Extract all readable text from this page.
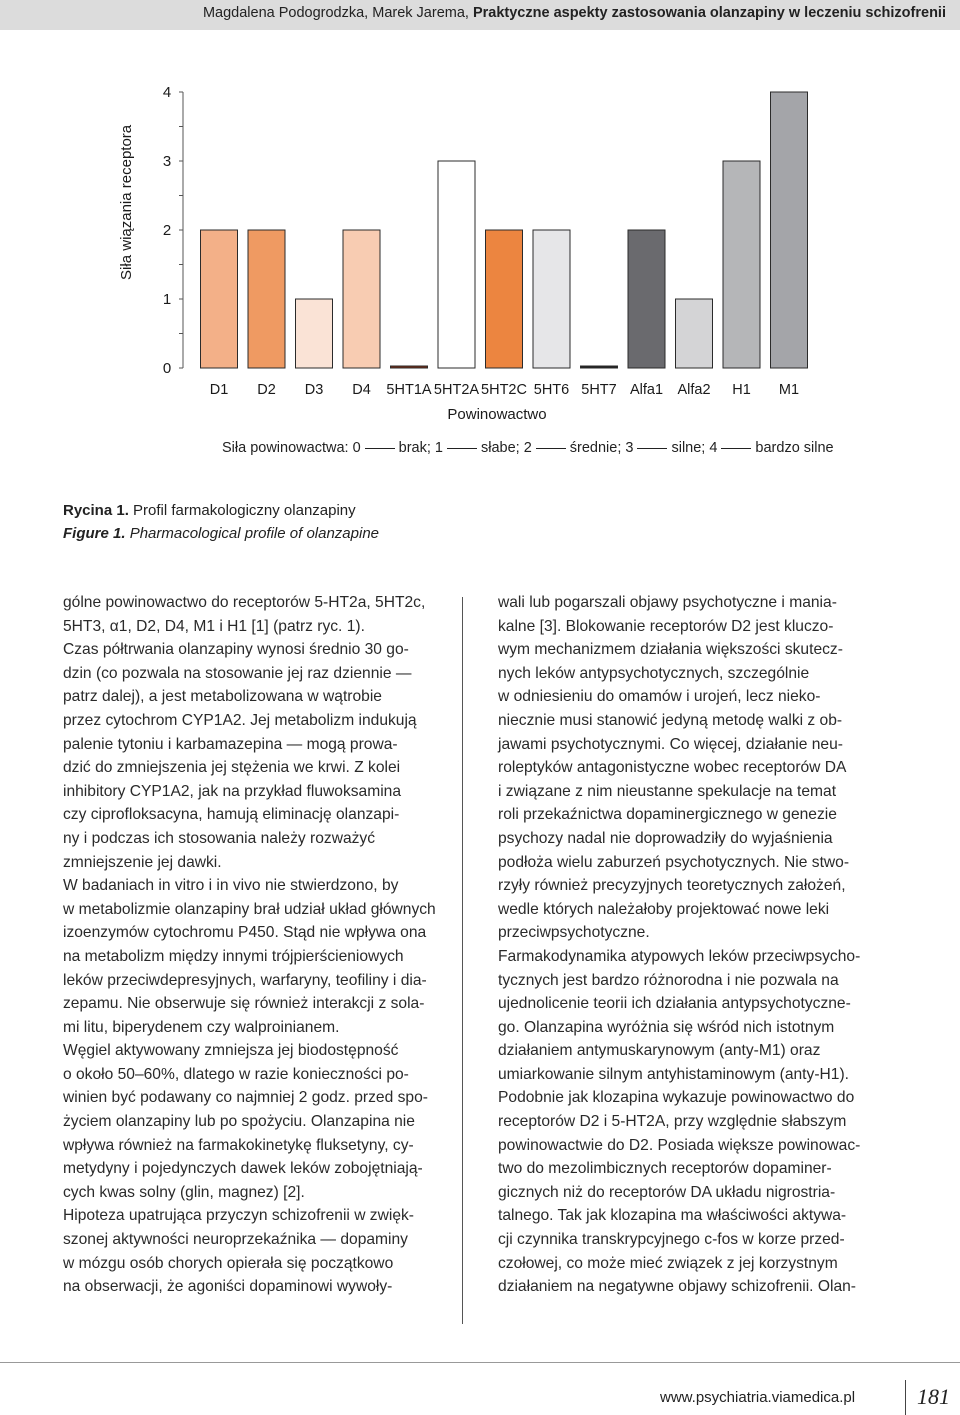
Magdalena Podogrodzka, Marek Jarema, Praktyczne aspekty zastosowania olanzapiny w leczeniu schizofrenii
0
1
2
3
4
Siła wiązania receptora
D1 D2 D3 D4 5HT1A 5HT2A 5HT2C 5HT6 5HT7 Alfa1 Alfa2 H1 M1
Powinowactwo
Siła powinowactwa: 0	brak; 1	słabe; 2	średnie; 3	silne; 4	bardzo silne
Rycina 1. Profil farmakologiczny olanzapiny
Figure 1. Pharmacological profile of olanzapine
gólne powinowactwo do receptorów 5-HT2a, 5HT2c,
5HT3, α1, D2, D4, M1 i H1 [1] (patrz ryc. 1).
Czas półtrwania olanzapiny wynosi średnio 30 go-
dzin (co pozwala na stosowanie jej raz dziennie —
patrz dalej), a jest metabolizowana w wątrobie
przez cytochrom CYP1A2. Jej metabolizm indukują
palenie tytoniu i karbamazepina — mogą prowa-
dzić do zmniejszenia jej stężenia we krwi. Z kolei
inhibitory CYP1A2, jak na przykład fluwoksamina
czy ciprofloksacyna, hamują eliminację olanzapi-
ny i podczas ich stosowania należy rozważyć
zmniejszenie jej dawki.
W badaniach in vitro i in vivo nie stwierdzono, by
w metabolizmie olanzapiny brał udział układ głównych
izoenzymów cytochromu P450. Stąd nie wpływa ona
na metabolizm między innymi trójpierścieniowych
leków przeciwdepresyjnych, warfaryny, teofiliny i dia-
zepamu. Nie obserwuje się również interakcji z sola-
mi litu, biperydenem czy walproinianem.
Węgiel aktywowany zmniejsza jej biodostępność
o około 50–60%, dlatego w razie konieczności po-
winien być podawany co najmniej 2 godz. przed spo-
życiem olanzapiny lub po spożyciu. Olanzapina nie
wpływa również na farmakokinetykę fluksetyny, cy-
metydyny i pojedynczych dawek leków zobojętniają-
cych kwas solny (glin, magnez) [2].
Hipoteza upatrująca przyczyn schizofrenii w zwięk-
szonej aktywności neuroprzekaźnika — dopaminy
w mózgu osób chorych opierała się początkowo
na obserwacji, że agoniści dopaminowi wywoły-
wali lub pogarszali objawy psychotyczne i mania-
kalne [3]. Blokowanie receptorów D2 jest kluczo-
wym mechanizmem działania większości skutecz-
nych leków antypsychotycznych, szczególnie
w odniesieniu do omamów i urojeń, lecz nieko-
niecznie musi stanowić jedyną metodę walki z ob-
jawami psychotycznymi. Co więcej, działanie neu-
roleptyków antagonistyczne wobec receptorów DA
i związane z nim nieustanne spekulacje na temat
roli przekaźnictwa dopaminergicznego w genezie
psychozy nadal nie doprowadziły do wyjaśnienia
podłoża wielu zaburzeń psychotycznych. Nie stwo-
rzyły również precyzyjnych teoretycznych założeń,
wedle których należałoby projektować nowe leki
przeciwpsychotyczne.
Farmakodynamika atypowych leków przeciwpsycho-
tycznych jest bardzo różnorodna i nie pozwala na
ujednolicenie teorii ich działania antypsychotyczne-
go. Olanzapina wyróżnia się wśród nich istotnym
działaniem antymuskarynowym (anty-M1) oraz
umiarkowanie silnym antyhistaminowym (anty-H1).
Podobnie jak klozapina wykazuje powinowactwo do
receptorów D2 i 5-HT2A, przy względnie słabszym
powinowactwie do D2. Posiada większe powinowac-
two do mezolimbicznych receptorów dopaminer-
gicznych niż do receptorów DA układu nigrostria-
talnego. Tak jak klozapina ma właściwości aktywa-
cji czynnika transkrypcyjnego c-fos w korze przed-
czołowej, co może mieć związek z jej korzystnym
działaniem na negatywne objawy schizofrenii. Olan-
www.psychiatria.viamedica.pl	181
